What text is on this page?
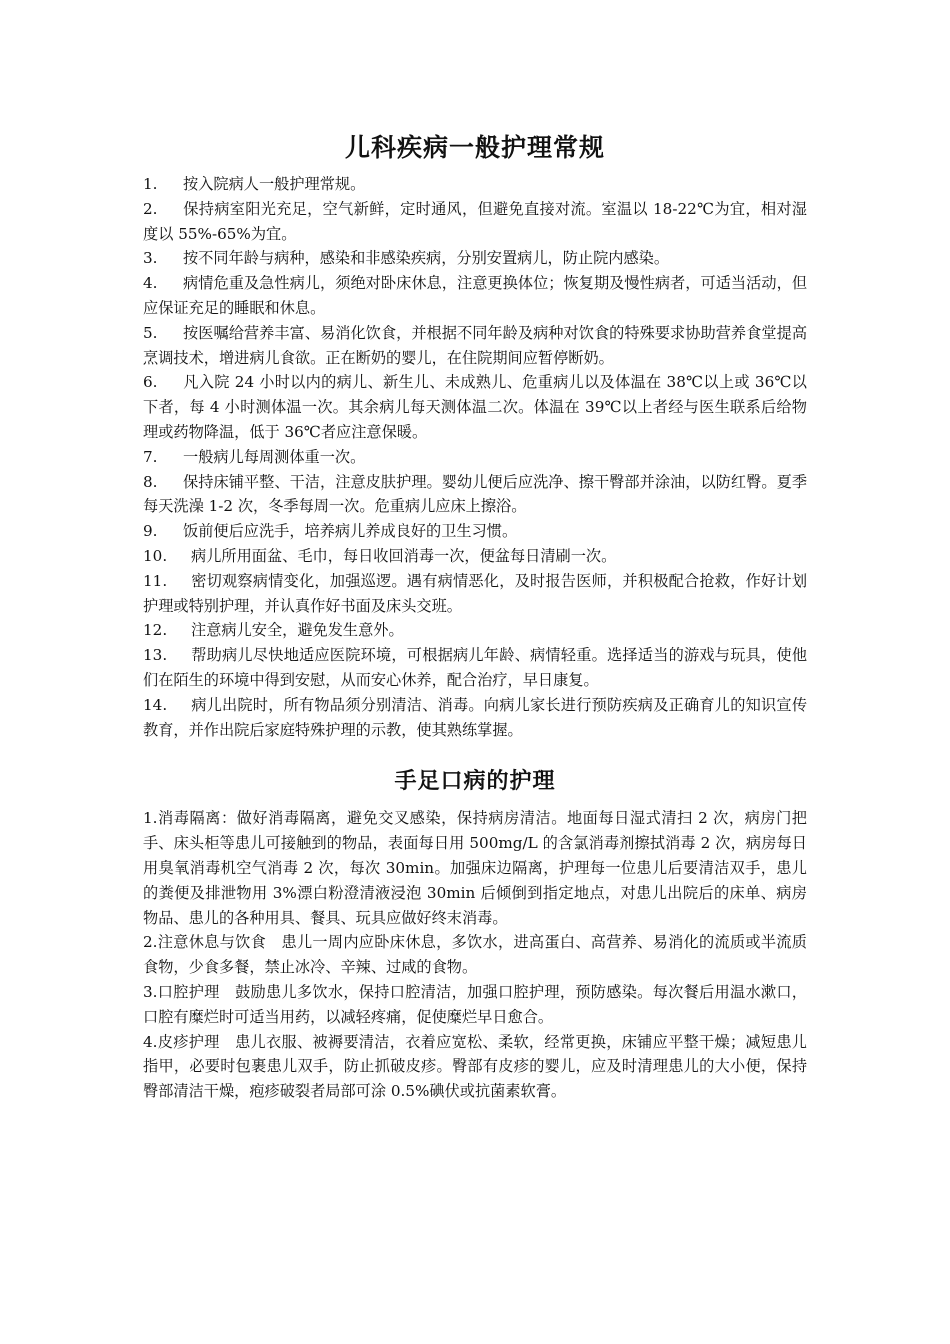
儿科疾病一般护理常规

1. 按入院病人一般护理常规。

2. 保持病室阳光充足，空气新鲜，定时通风，但避免直接对流。室温以 18-22℃为宜，相对湿度以 55%-65%为宜。

3. 按不同年龄与病种，感染和非感染疾病，分别安置病儿，防止院内感染。

4. 病情危重及急性病儿，须绝对卧床休息，注意更换体位；恢复期及慢性病者，可适当活动，但应保证充足的睡眠和休息。

5. 按医嘱给营养丰富、易消化饮食，并根据不同年龄及病种对饮食的特殊要求协助营养食堂提高烹调技术，增进病儿食欲。正在断奶的婴儿，在住院期间应暂停断奶。

6. 凡入院 24 小时以内的病儿、新生儿、未成熟儿、危重病儿以及体温在 38℃以上或 36℃以下者，每 4 小时测体温一次。其余病儿每天测体温二次。体温在 39℃以上者经与医生联系后给物理或药物降温，低于 36℃者应注意保暖。

7. 一般病儿每周测体重一次。

8. 保持床铺平整、干洁，注意皮肤护理。婴幼儿便后应洗净、擦干臀部并涂油，以防红臀。夏季每天洗澡 1-2 次，冬季每周一次。危重病儿应床上擦浴。

9. 饭前便后应洗手，培养病儿养成良好的卫生习惯。

10. 病儿所用面盆、毛巾，每日收回消毒一次，便盆每日清刷一次。

11. 密切观察病情变化，加强巡逻。遇有病情恶化，及时报告医师，并积极配合抢救，作好计划护理或特别护理，并认真作好书面及床头交班。

12. 注意病儿安全，避免发生意外。

13. 帮助病儿尽快地适应医院环境，可根据病儿年龄、病情轻重。选择适当的游戏与玩具，使他们在陌生的环境中得到安慰，从而安心休养，配合治疗，早日康复。

14. 病儿出院时，所有物品须分别清洁、消毒。向病儿家长进行预防疾病及正确育儿的知识宣传教育，并作出院后家庭特殊护理的示教，使其熟练掌握。

手足口病的护理

1.消毒隔离：做好消毒隔离，避免交叉感染，保持病房清洁。地面每日湿式清扫 2 次，病房门把手、床头柜等患儿可接触到的物品，表面每日用 500mg/L 的含氯消毒剂擦拭消毒 2 次，病房每日用臭氧消毒机空气消毒 2 次，每次 30min。加强床边隔离，护理每一位患儿后要清洁双手，患儿的粪便及排泄物用 3%漂白粉澄清液浸泡 30min 后倾倒到指定地点，对患儿出院后的床单、病房物品、患儿的各种用具、餐具、玩具应做好终末消毒。

2.注意休息与饮食　患儿一周内应卧床休息，多饮水，进高蛋白、高营养、易消化的流质或半流质食物，少食多餐，禁止冰冷、辛辣、过咸的食物。

3.口腔护理　鼓励患儿多饮水，保持口腔清洁，加强口腔护理，预防感染。每次餐后用温水漱口，口腔有糜烂时可适当用药，以减轻疼痛，促使糜烂早日愈合。

4.皮疹护理　患儿衣服、被褥要清洁，衣着应宽松、柔软，经常更换，床铺应平整干燥；减短患儿指甲，必要时包裹患儿双手，防止抓破皮疹。臀部有皮疹的婴儿，应及时清理患儿的大小便，保持臀部清洁干燥，疱疹破裂者局部可涂 0.5%碘伏或抗菌素软膏。
